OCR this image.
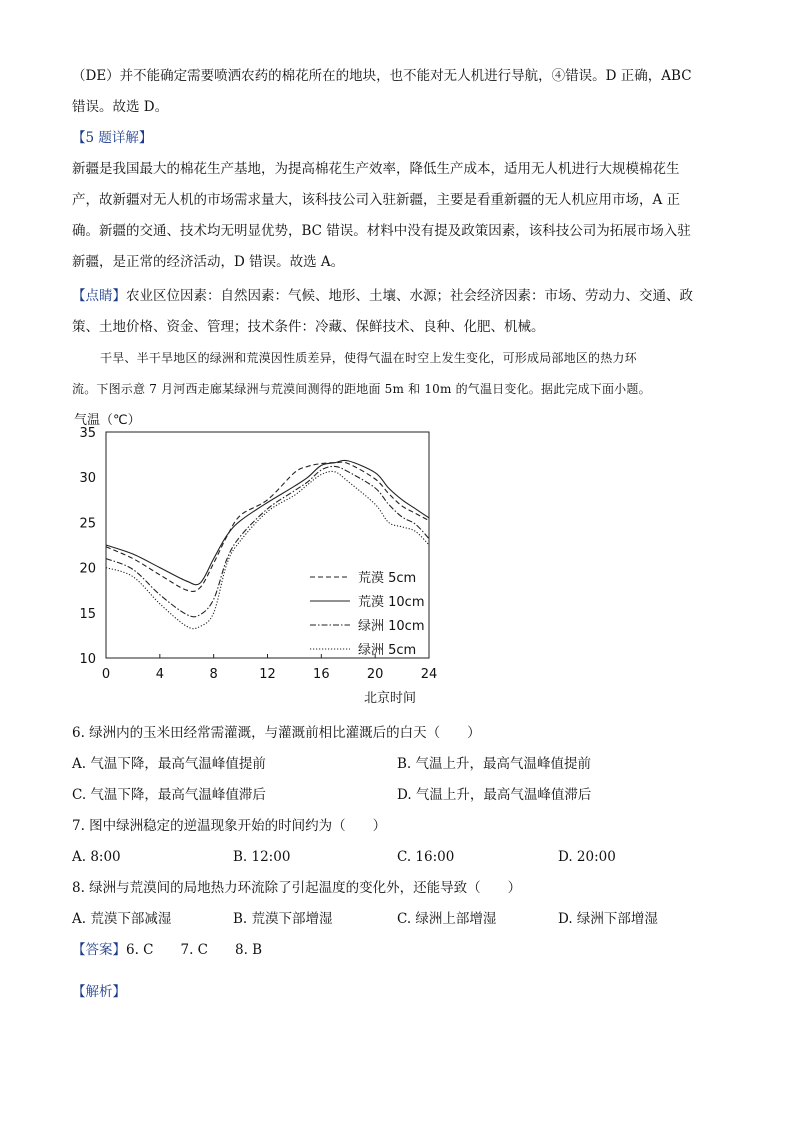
（DE）并不能确定需要喷洒农药的棉花所在的地块，也不能对无人机进行导航，④错误。D 正确，ABC
错误。故选 D。
【5 题详解】
新疆是我国最大的棉花生产基地，为提高棉花生产效率，降低生产成本，适用无人机进行大规模棉花生
产，故新疆对无人机的市场需求量大，该科技公司入驻新疆，主要是看重新疆的无人机应用市场，A 正
确。新疆的交通、技术均无明显优势，BC 错误。材料中没有提及政策因素，该科技公司为拓展市场入驻
新疆，是正常的经济活动，D 错误。故选 A。
【点睛】农业区位因素：自然因素：气候、地形、土壤、水源；社会经济因素：市场、劳动力、交通、政
策、土地价格、资金、管理；技术条件：冷藏、保鲜技术、良种、化肥、机械。
干旱、半干旱地区的绿洲和荒漠因性质差异，使得气温在时空上发生变化，可形成局部地区的热力环
流。下图示意 7 月河西走廊某绿洲与荒漠间测得的距地面 5m 和 10m 的气温日变化。据此完成下面小题。
气温（℃）
北京时间
10
15
20
25
30
35
0	4	8	12	16	20	24
荒漠 5cm
荒漠 10cm
绿洲 10cm
绿洲 5cm
6. 绿洲内的玉米田经常需灌溉，与灌溉前相比灌溉后的白天（　　）
A. 气温下降，最高气温峰值提前	B. 气温上升，最高气温峰值提前
C. 气温下降，最高气温峰值滞后	D. 气温上升，最高气温峰值滞后
7. 图中绿洲稳定的逆温现象开始的时间约为（　　）
A. 8:00	B. 12:00	C. 16:00	D. 20:00
8. 绿洲与荒漠间的局地热力环流除了引起温度的变化外，还能导致（　　）
A. 荒漠下部减湿	B. 荒漠下部增湿	C. 绿洲上部增湿	D. 绿洲下部增湿
【答案】6. C　　7. C　　8. B
【解析】
